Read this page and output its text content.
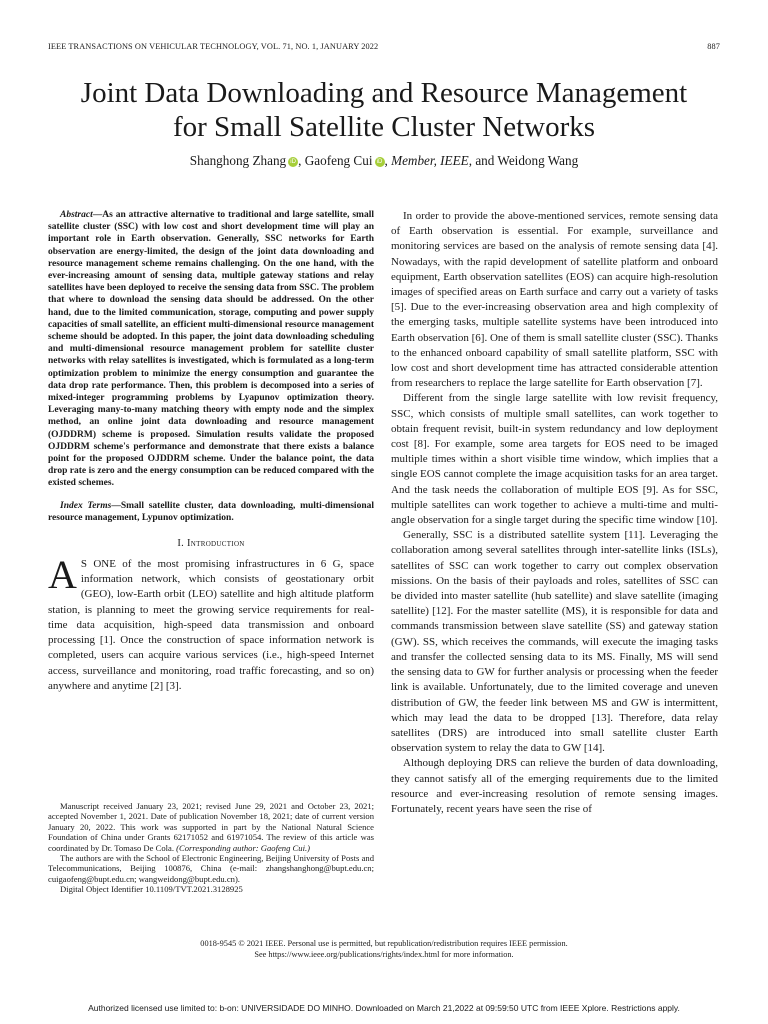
IEEE TRANSACTIONS ON VEHICULAR TECHNOLOGY, VOL. 71, NO. 1, JANUARY 2022	887
Joint Data Downloading and Resource Management
for Small Satellite Cluster Networks
Shanghong Zhang iD , Gaofeng Cui iD , Member, IEEE, and Weidong Wang

Abstract—As an attractive alternative to traditional and large satellite, small satellite cluster (SSC) with low cost and short development time will play an important role in Earth observation. Generally, SSC networks for Earth observation are energy-limited, the design of the joint data downloading and resource management scheme remains challenging. On the one hand, with the ever-increasing amount of sensing data, multiple gateway stations and relay satellites have been deployed to receive the sensing data from SSC. The problem that where to download the sensing data should be addressed. On the other hand, due to the limited communication, storage, computing and power supply capacities of small satellite, an efficient multi-dimensional resource management scheme should be adopted. In this paper, the joint data downloading scheduling and multi-dimensional resource management problem for satellite cluster networks with relay satellites is investigated, which is formulated as a long-term optimization problem to minimize the energy consumption and guarantee the data drop rate performance. Then, this problem is decomposed into a series of mixed-integer programming problems by Lyapunov optimization theory. Leveraging many-to-many matching theory with empty node and the simplex method, an online joint data downloading and resource management (OJDDRM) scheme is proposed. Simulation results validate the proposed OJDDRM scheme's performance and demonstrate that there exists a balance point for the proposed OJDDRM scheme. Under the balance point, the data drop rate is zero and the energy consumption can be reduced compared with the existed schemes.

Index Terms—Small satellite cluster, data downloading, multi-dimensional resource management, Lypunov optimization.

I. Introduction

A S ONE of the most promising infrastructures in 6 G, space information network, which consists of geostationary orbit (GEO), low-Earth orbit (LEO) satellite and high altitude platform station, is planning to meet the growing service requirements for real-time data acquisition, high-speed data transmission and onboard processing [1]. Once the construction of space information network is completed, users can acquire various services (i.e., high-speed Internet access, surveillance and monitoring, road traffic forecasting, and so on) anywhere and anytime [2] [3].

Manuscript received January 23, 2021; revised June 29, 2021 and October 23, 2021; accepted November 1, 2021. Date of publication November 18, 2021; date of current version January 20, 2022. This work was supported in part by the National Natural Science Foundation of China under Grants 62171052 and 61971054. The review of this article was coordinated by Dr. Tomaso De Cola. (Corresponding author: Gaofeng Cui.)

The authors are with the School of Electronic Engineering, Beijing University of Posts and Telecommunications, Beijing 100876, China (e-mail: zhangshanghong@bupt.edu.cn; cuigaofeng@bupt.edu.cn; wangweidong@bupt.edu.cn).

Digital Object Identifier 10.1109/TVT.2021.3128925

In order to provide the above-mentioned services, remote sensing data of Earth observation is essential. For example, surveillance and monitoring services are based on the analysis of remote sensing data [4]. Nowadays, with the rapid development of satellite platform and onboard equipment, Earth observation satellites (EOS) can acquire high-resolution images of specified areas on Earth surface and carry out a variety of tasks [5]. Due to the ever-increasing observation area and high complexity of the emerging tasks, multiple satellite systems have been introduced into Earth observation [6]. One of them is small satellite cluster (SSC). Thanks to the enhanced onboard capability of small satellite platform, SSC with low cost and short development time has attracted considerable attention from researchers to replace the large satellite for Earth observation [7].

Different from the single large satellite with low revisit frequency, SSC, which consists of multiple small satellites, can work together to obtain frequent revisit, built-in system redundancy and low deployment cost [8]. For example, some area targets for EOS need to be imaged multiple times within a short visible time window, which implies that a single EOS cannot complete the image acquisition tasks for an area target. And the task needs the collaboration of multiple EOS [9]. As for SSC, multiple satellites can work together to achieve a multi-time and multi-angle observation for a single target during the specific time window [10].

Generally, SSC is a distributed satellite system [11]. Leveraging the collaboration among several satellites through inter-satellite links (ISLs), satellites of SSC can work together to carry out complex observation missions. On the basis of their payloads and roles, satellites of SSC can be divided into master satellite (hub satellite) and slave satellite (imaging satellite) [12]. For the master satellite (MS), it is responsible for data and commands transmission between slave satellite (SS) and gateway station (GW). SS, which receives the commands, will execute the imaging tasks and transfer the collected sensing data to its MS. Finally, MS will send the sensing data to GW for further analysis or processing when the feeder link is available. Unfortunately, due to the limited coverage and uneven distribution of GW, the feeder link between MS and GW is intermittent, which may lead the data to be dropped [13]. Therefore, data relay satellites (DRS) are introduced into small satellite cluster Earth observation system to relay the data to GW [14].

Although deploying DRS can relieve the burden of data downloading, they cannot satisfy all of the emerging requirements due to the limited resource and ever-increasing resolution of remote sensing images. Fortunately, recent years have seen the rise of

0018-9545 © 2021 IEEE. Personal use is permitted, but republication/redistribution requires IEEE permission.
See https://www.ieee.org/publications/rights/index.html for more information.
Authorized licensed use limited to: b-on: UNIVERSIDADE DO MINHO. Downloaded on March 21,2022 at 09:59:50 UTC from IEEE Xplore. Restrictions apply.
